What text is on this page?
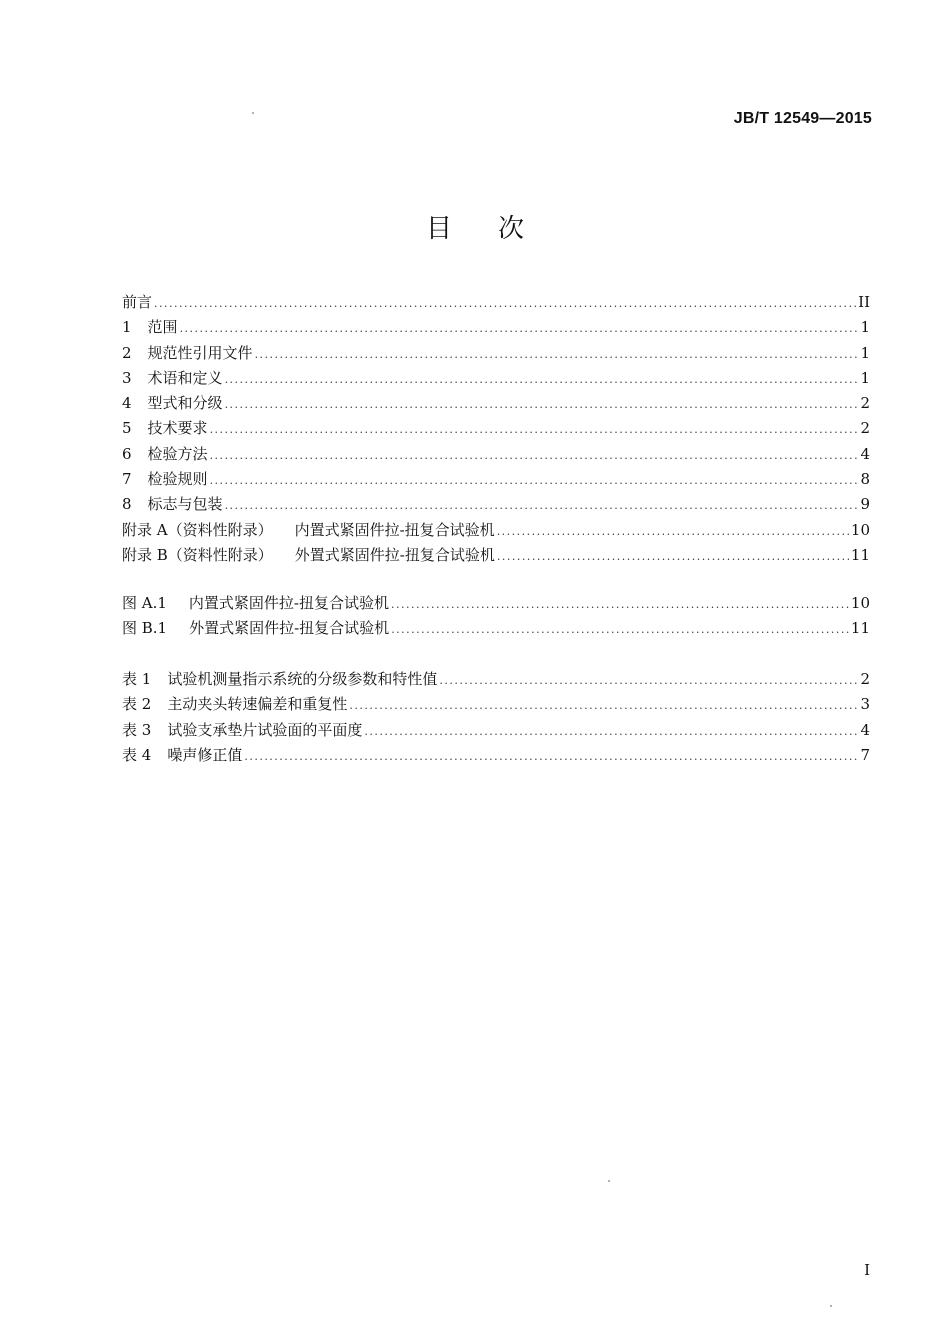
JB/T 12549—2015
目次
前言 .....	II
1 范围 .....	1
2 规范性引用文件 .....	1
3 术语和定义 .....	1
4 型式和分级 .....	2
5 技术要求 .....	2
6 检验方法 .....	4
7 检验规则 .....	8
8 标志与包装 .....	9
附录 A（资料性附录） 内置式紧固件拉-扭复合试验机 .....	10
附录 B（资料性附录） 外置式紧固件拉-扭复合试验机 .....	11
图 A.1 内置式紧固件拉-扭复合试验机 .....	10
图 B.1 外置式紧固件拉-扭复合试验机 .....	11
表 1 试验机测量指示系统的分级参数和特性值 .....	2
表 2 主动夹头转速偏差和重复性 .....	3
表 3 试验支承垫片试验面的平面度 .....	4
表 4 噪声修正值 .....	7
I
